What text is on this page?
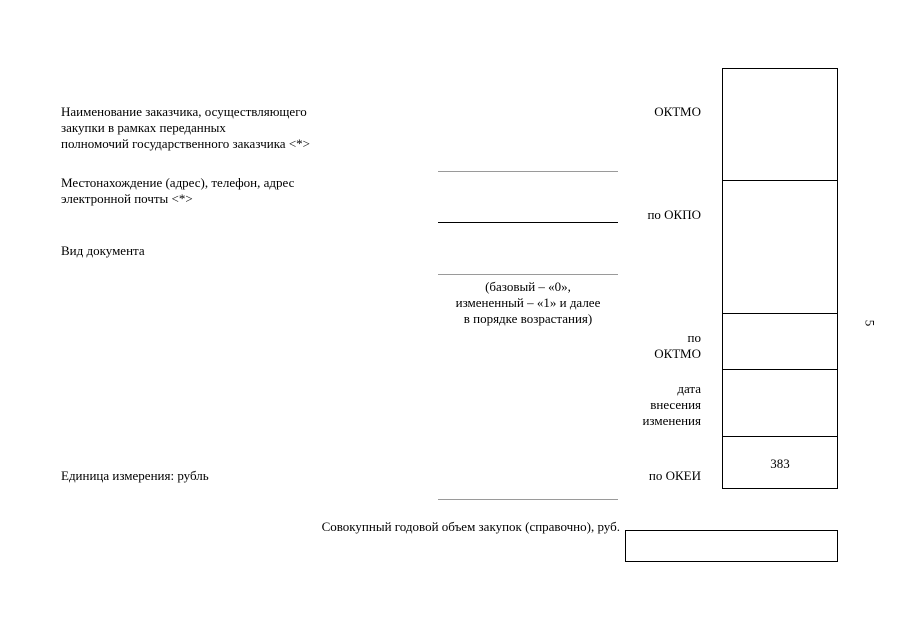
Наименование заказчика, осуществляющего
закупки в рамках переданных
полномочий государственного заказчика <*>
Местонахождение (адрес), телефон, адрес
электронной почты <*>
Вид документа
Единица измерения: рубль
(базовый – «0»,
измененный – «1» и далее
в порядке возрастания)
ОКТМО
по ОКПО
по
ОКТМО
дата
внесения
изменения
по ОКЕИ
383
Совокупный годовой объем закупок (справочно), руб.
5
